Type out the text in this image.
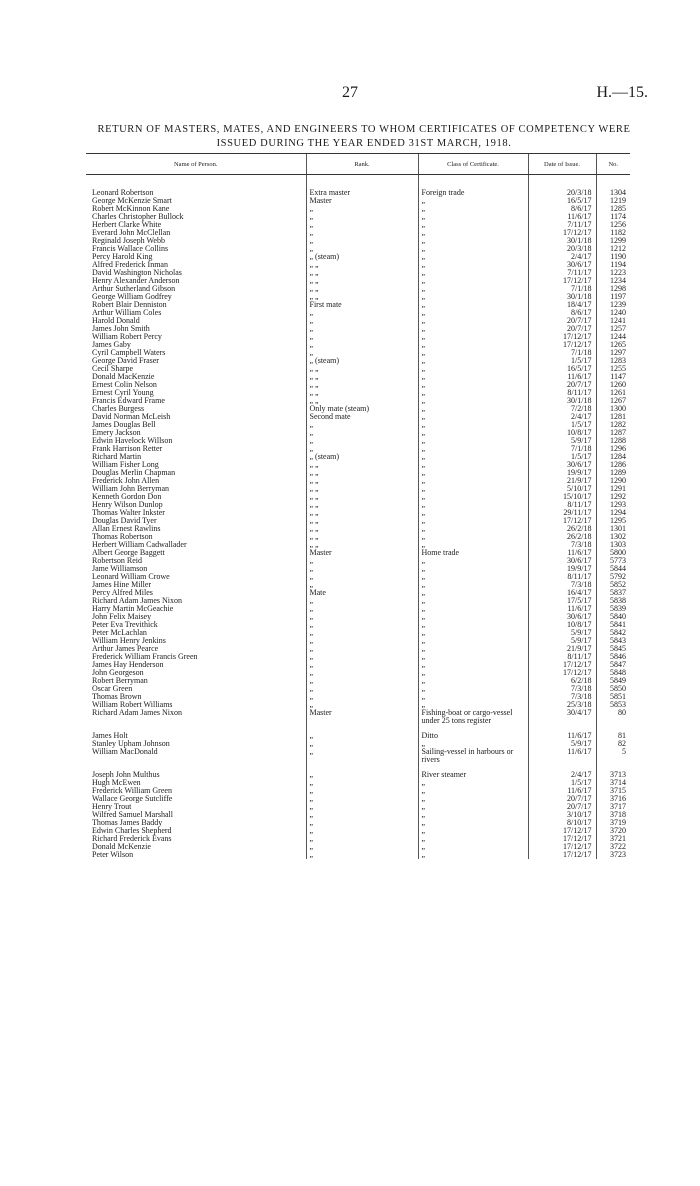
27	H.—15.
RETURN OF MASTERS, MATES, AND ENGINEERS TO WHOM CERTIFICATES OF COMPETENCY WERE
ISSUED DURING THE YEAR ENDED 31ST MARCH, 1918.
Name of Person.	Rank.	Class of Certificate.	Date of Issue.	No.
Leonard Robertson	Extra master	Foreign trade	20/3/18	1304
George McKenzie Smart	Master	„	16/5/17	1219
Robert McKinnon Kane	„	„	8/6/17	1285
Charles Christopher Bullock	„	„	11/6/17	1174
Herbert Clarke White	„	„	7/11/17	1256
Everard John McClellan	„	„	17/12/17	1182
Reginald Joseph Webb	„	„	30/1/18	1299
Francis Wallace Collins	„	„	20/3/18	1212
Percy Harold King	„ (steam)	„	2/4/17	1190
Alfred Frederick Inman	„ „	„	30/6/17	1194
David Washington Nicholas	„ „	„	7/11/17	1223
Henry Alexander Anderson	„ „	„	17/12/17	1234
Arthur Sutherland Gibson	„ „	„	7/1/18	1298
George William Godfrey	„ „	„	30/1/18	1197
Robert Blair Denniston	First mate	„	18/4/17	1239
Arthur William Coles	„	„	8/6/17	1240
Harold Donald	„	„	20/7/17	1241
James John Smith	„	„	20/7/17	1257
William Robert Percy	„	„	17/12/17	1244
James Gaby	„	„	17/12/17	1265
Cyril Campbell Waters	„	„	7/1/18	1297
George David Fraser	„ (steam)	„	1/5/17	1283
Cecil Sharpe	„ „	„	16/5/17	1255
Donald MacKenzie	„ „	„	11/6/17	1147
Ernest Colin Nelson	„ „	„	20/7/17	1260
Ernest Cyril Young	„ „	„	8/11/17	1261
Francis Edward Frame	„ „	„	30/1/18	1267
Charles Burgess	Only mate (steam)	„	7/2/18	1300
David Norman McLeish	Second mate	„	2/4/17	1281
James Douglas Bell	„	„	1/5/17	1282
Emery Jackson	„	„	10/8/17	1287
Edwin Havelock Willson	„	„	5/9/17	1288
Frank Harrison Retter	„	„	7/1/18	1296
Richard Martin	„ (steam)	„	1/5/17	1284
William Fisher Long	„ „	„	30/6/17	1286
Douglas Merlin Chapman	„ „	„	19/9/17	1289
Frederick John Allen	„ „	„	21/9/17	1290
William John Berryman	„ „	„	5/10/17	1291
Kenneth Gordon Don	„ „	„	15/10/17	1292
Henry Wilson Dunlop	„ „	„	8/11/17	1293
Thomas Walter Inkster	„ „	„	29/11/17	1294
Douglas David Tyer	„ „	„	17/12/17	1295
Allan Ernest Rawlins	„ „	„	26/2/18	1301
Thomas Robertson	„ „	„	26/2/18	1302
Herbert William Cadwallader	„ „	„	7/3/18	1303
Albert George Baggett	Master	Home trade	11/6/17	5800
Robertson Reid	„	„	30/6/17	5773
Jame Williamson	„	„	19/9/17	5844
Leonard William Crowe	„	„	8/11/17	5792
James Hine Miller	„	„	7/3/18	5852
Percy Alfred Miles	Mate	„	16/4/17	5837
Richard Adam James Nixon	„	„	17/5/17	5838
Harry Martin McGeachie	„	„	11/6/17	5839
John Felix Maisey	„	„	30/6/17	5840
Peter Eva Trevithick	„	„	10/8/17	5841
Peter McLachlan	„	„	5/9/17	5842
William Henry Jenkins	„	„	5/9/17	5843
Arthur James Pearce	„	„	21/9/17	5845
Frederick William Francis Green	„	„	8/11/17	5846
James Hay Henderson	„	„	17/12/17	5847
John Georgeson	„	„	17/12/17	5848
Robert Berryman	„	„	6/2/18	5849
Oscar Green	„	„	7/3/18	5850
Thomas Brown	„	„	7/3/18	5851
William Robert Williams	„	„	25/3/18	5853
Richard Adam James Nixon	Master	Fishing-boat or cargo-vessel under 25 tons register	30/4/17	80
James Holt	„	Ditto	11/6/17	81
Stanley Upham Johnson	„	„	5/9/17	82
William MacDonald	„	Sailing-vessel in harbours or rivers	11/6/17	5
Joseph John Multhus	„	River steamer	2/4/17	3713
Hugh McEwen	„	„	1/5/17	3714
Frederick William Green	„	„	11/6/17	3715
Wallace George Sutcliffe	„	„	20/7/17	3716
Henry Trout	„	„	20/7/17	3717
Wilfred Samuel Marshall	„	„	3/10/17	3718
Thomas James Baddy	„	„	8/10/17	3719
Edwin Charles Shepherd	„	„	17/12/17	3720
Richard Frederick Evans	„	„	17/12/17	3721
Donald McKenzie	„	„	17/12/17	3722
Peter Wilson	„	„	17/12/17	3723
